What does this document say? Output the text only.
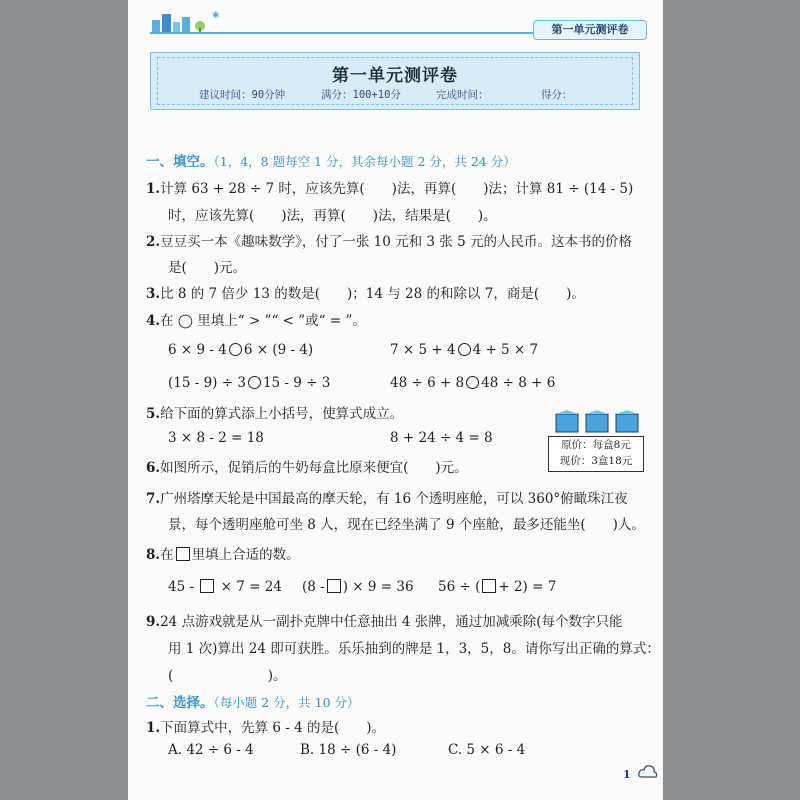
✱
第一单元测评卷
第一单元测评卷
建议时间：90分钟	满分：100+10分	完成时间：	得分：
一、填空。（1，4，8 题每空 1 分，其余每小题 2 分，共 24 分）
1.计算 63 + 28 ÷ 7 时，应该先算(　　)法，再算(　　)法；计算 81 ÷ (14 - 5)
时，应该先算(　　)法，再算(　　)法，结果是(　　)。
2.豆豆买一本《趣味数学》，付了一张 10 元和 3 张 5 元的人民币。这本书的价格
是(　　)元。
3.比 8 的 7 倍少 13 的数是(　　)；14 与 28 的和除以 7，商是(　　)。
4.在 ◯ 里填上“ > ”“ < ”或“ = ”。
6 × 9 - 4 6 × (9 - 4)	7 × 5 + 4 4 + 5 × 7
(15 - 9) ÷ 3 15 - 9 ÷ 3	48 ÷ 6 + 8 48 ÷ 8 + 6
5.给下面的算式添上小括号，使算式成立。
3 × 8 - 2 = 18	8 + 24 ÷ 4 = 8	原价：每盒8元
现价：3盒18元
6.如图所示，促销后的牛奶每盒比原来便宜(　　)元。
7.广州塔摩天轮是中国最高的摩天轮，有 16 个透明座舱，可以 360°俯瞰珠江夜
景，每个透明座舱可坐 8 人，现在已经坐满了 9 个座舱，最多还能坐(　　)人。
8.在 里填上合适的数。
45 - × 7 = 24 (8 - ) × 9 = 36 56 ÷ ( + 2) = 7
9.24 点游戏就是从一副扑克牌中任意抽出 4 张牌，通过加减乘除(每个数字只能
用 1 次)算出 24 即可获胜。乐乐抽到的牌是 1，3，5，8。请你写出正确的算式：
(　　　　　　　)。
二、选择。（每小题 2 分，共 10 分）
1.下面算式中，先算 6 - 4 的是(　　)。
A. 42 ÷ 6 - 4	B. 18 ÷ (6 - 4)	C. 5 × 6 - 4
1
